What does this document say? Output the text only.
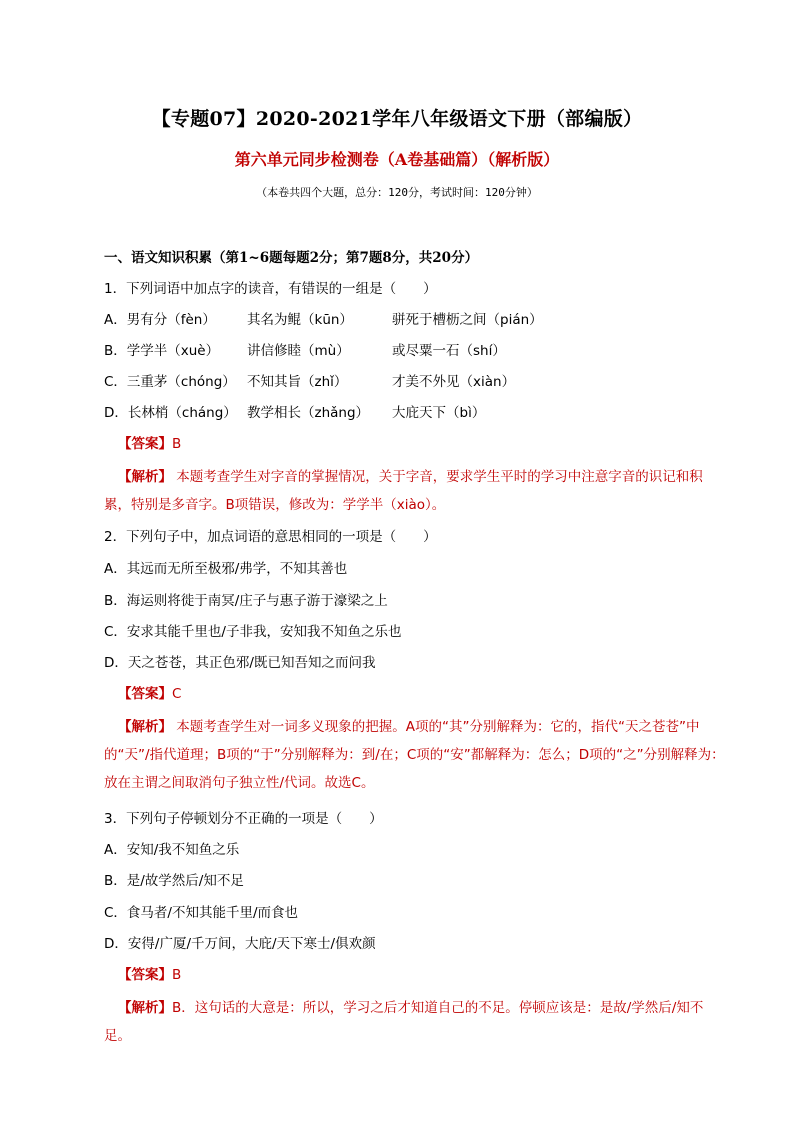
【专题07】2020-2021学年八年级语文下册（部编版）
第六单元同步检测卷（A卷基础篇）（解析版）
（本卷共四个大题，总分：120分，考试时间：120分钟）
一、语文知识积累（第1~6题每题2分；第7题8分，共20分）
1．下列词语中加点字的读音，有错误的一组是（　　）
A．男有分（fèn） 其名为鲲（kūn）	骈死于槽枥之间（pián）
B．学学半（xuè） 讲信修睦（mù）	或尽粟一石（shí）
C．三重茅（chóng） 不知其旨（zhǐ）	才美不外见（xiàn）
D．长林梢（cháng） 教学相长（zhǎng） 大庇天下（bì）
【答案】B
【解析】 本题考查学生对字音的掌握情况，关于字音，要求学生平时的学习中注意字音的识记和积累，特别是多音字。B项错误，修改为：学学半（xiào）。
2．下列句子中，加点词语的意思相同的一项是（　　）
A．其远而无所至极邪/弗学，不知其善也
B．海运则将徙于南冥/庄子与惠子游于濠梁之上
C．安求其能千里也/子非我，安知我不知鱼之乐也
D．天之苍苍，其正色邪/既已知吾知之而问我
【答案】C
【解析】 本题考查学生对一词多义现象的把握。A项的“其”分别解释为：它的，指代“天之苍苍”中的“天”/指代道理；B项的“于”分别解释为：到/在；C项的“安”都解释为：怎么；D项的“之”分别解释为：放在主谓之间取消句子独立性/代词。故选C。
3．下列句子停顿划分不正确的一项是（　　）
A．安知/我不知鱼之乐
B．是/故学然后/知不足
C．食马者/不知其能千里/而食也
D．安得/广厦/千万间，大庇/天下寒士/俱欢颜
【答案】B
【解析】B．这句话的大意是：所以，学习之后才知道自己的不足。停顿应该是：是故/学然后/知不足。
